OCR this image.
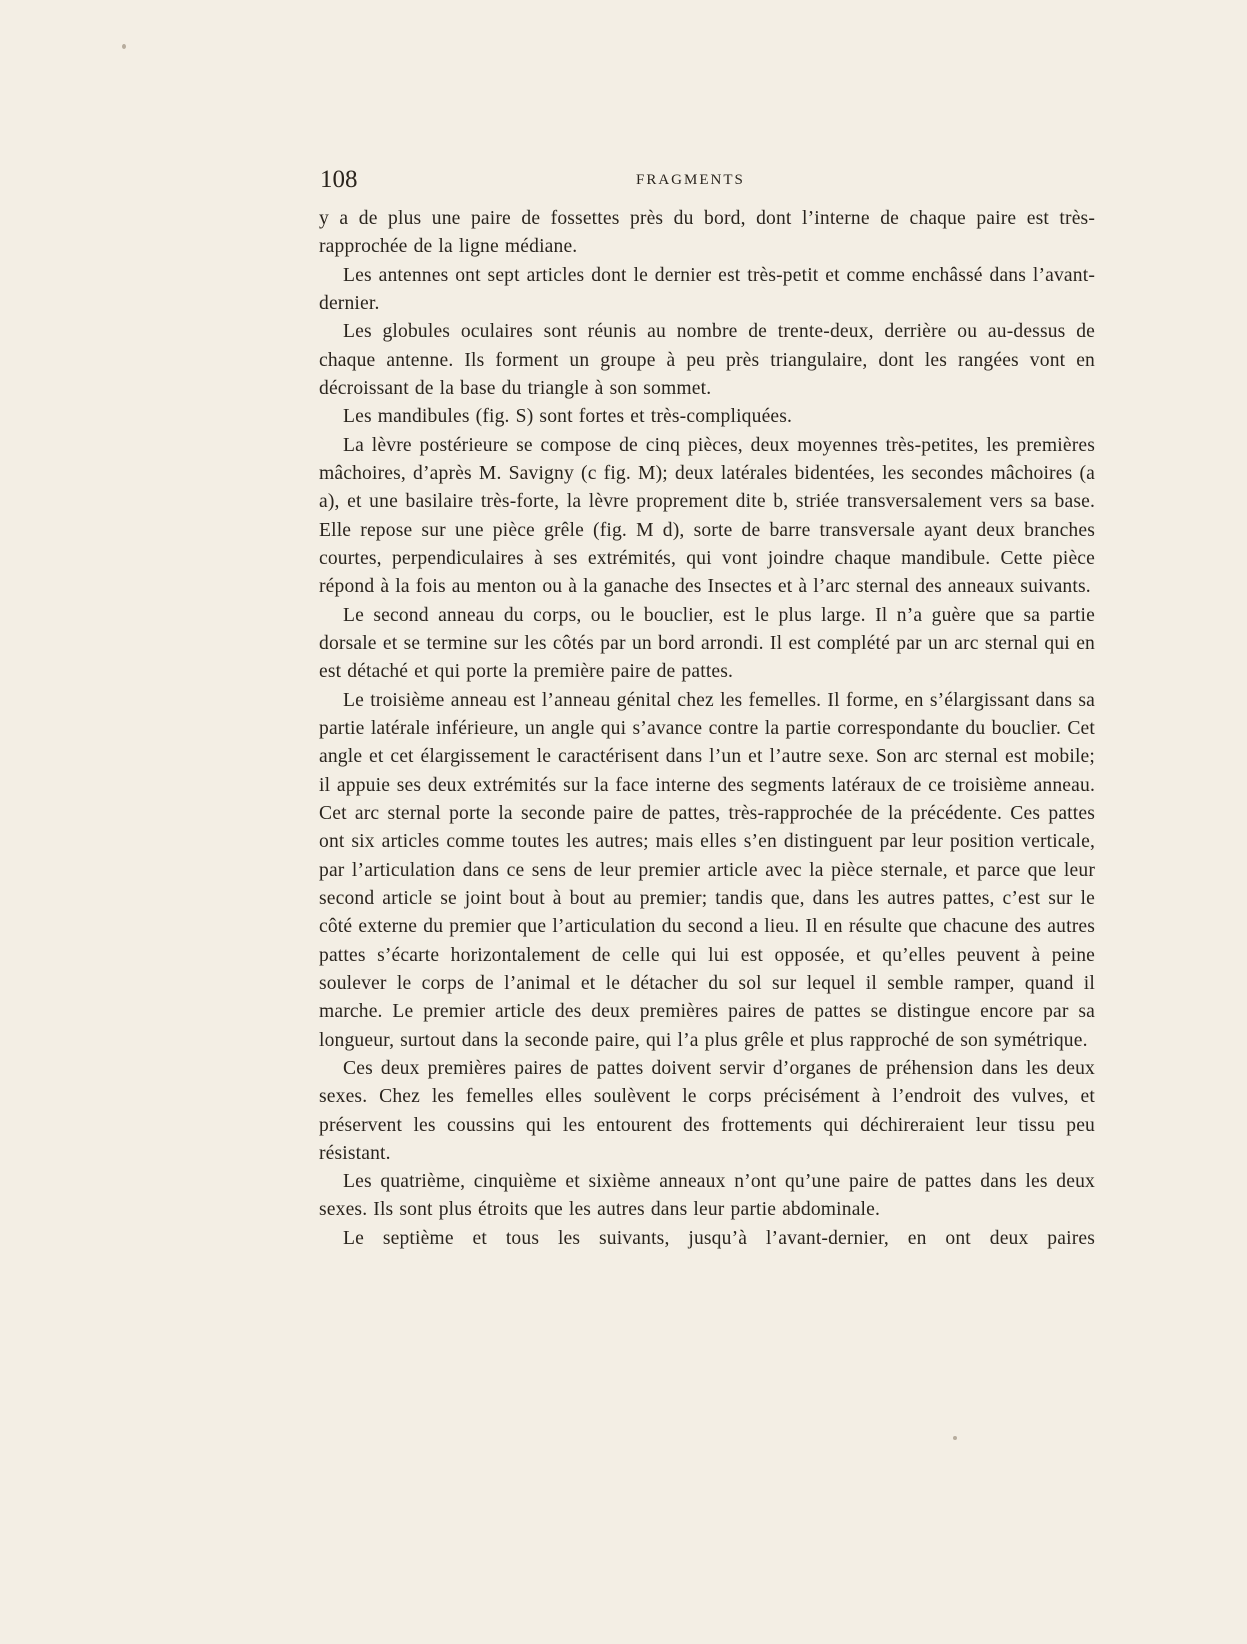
108	FRAGMENTS

y a de plus une paire de fossettes près du bord, dont l’interne de chaque paire est très-rapprochée de la ligne médiane.

Les antennes ont sept articles dont le dernier est très-petit et comme enchâssé dans l’avant-dernier.

Les globules oculaires sont réunis au nombre de trente-deux, derrière ou au-dessus de chaque antenne. Ils forment un groupe à peu près triangulaire, dont les rangées vont en décroissant de la base du triangle à son sommet.

Les mandibules (fig. S) sont fortes et très-compliquées.

La lèvre postérieure se compose de cinq pièces, deux moyennes très-petites, les premières mâchoires, d’après M. Savigny (c fig. M); deux latérales bidentées, les secondes mâchoires (a a), et une basilaire très-forte, la lèvre proprement dite b, striée transversalement vers sa base. Elle repose sur une pièce grêle (fig. M d), sorte de barre transversale ayant deux branches courtes, perpendiculaires à ses extrémités, qui vont joindre chaque mandibule. Cette pièce répond à la fois au menton ou à la ganache des Insectes et à l’arc sternal des anneaux suivants.

Le second anneau du corps, ou le bouclier, est le plus large. Il n’a guère que sa partie dorsale et se termine sur les côtés par un bord arrondi. Il est complété par un arc sternal qui en est détaché et qui porte la première paire de pattes.

Le troisième anneau est l’anneau génital chez les femelles. Il forme, en s’élargissant dans sa partie latérale inférieure, un angle qui s’avance contre la partie correspondante du bouclier. Cet angle et cet élargissement le caractérisent dans l’un et l’autre sexe. Son arc sternal est mobile; il appuie ses deux extrémités sur la face interne des segments latéraux de ce troisième anneau. Cet arc sternal porte la seconde paire de pattes, très-rapprochée de la précédente. Ces pattes ont six articles comme toutes les autres; mais elles s’en distinguent par leur position verticale, par l’articulation dans ce sens de leur premier article avec la pièce sternale, et parce que leur second article se joint bout à bout au premier; tandis que, dans les autres pattes, c’est sur le côté externe du premier que l’articulation du second a lieu. Il en résulte que chacune des autres pattes s’écarte horizontalement de celle qui lui est opposée, et qu’elles peuvent à peine soulever le corps de l’animal et le détacher du sol sur lequel il semble ramper, quand il marche. Le premier article des deux premières paires de pattes se distingue encore par sa longueur, surtout dans la seconde paire, qui l’a plus grêle et plus rapproché de son symétrique.

Ces deux premières paires de pattes doivent servir d’organes de préhension dans les deux sexes. Chez les femelles elles soulèvent le corps précisément à l’endroit des vulves, et préservent les coussins qui les entourent des frottements qui déchireraient leur tissu peu résistant.

Les quatrième, cinquième et sixième anneaux n’ont qu’une paire de pattes dans les deux sexes. Ils sont plus étroits que les autres dans leur partie abdominale.

Le septième et tous les suivants, jusqu’à l’avant-dernier, en ont deux paires
